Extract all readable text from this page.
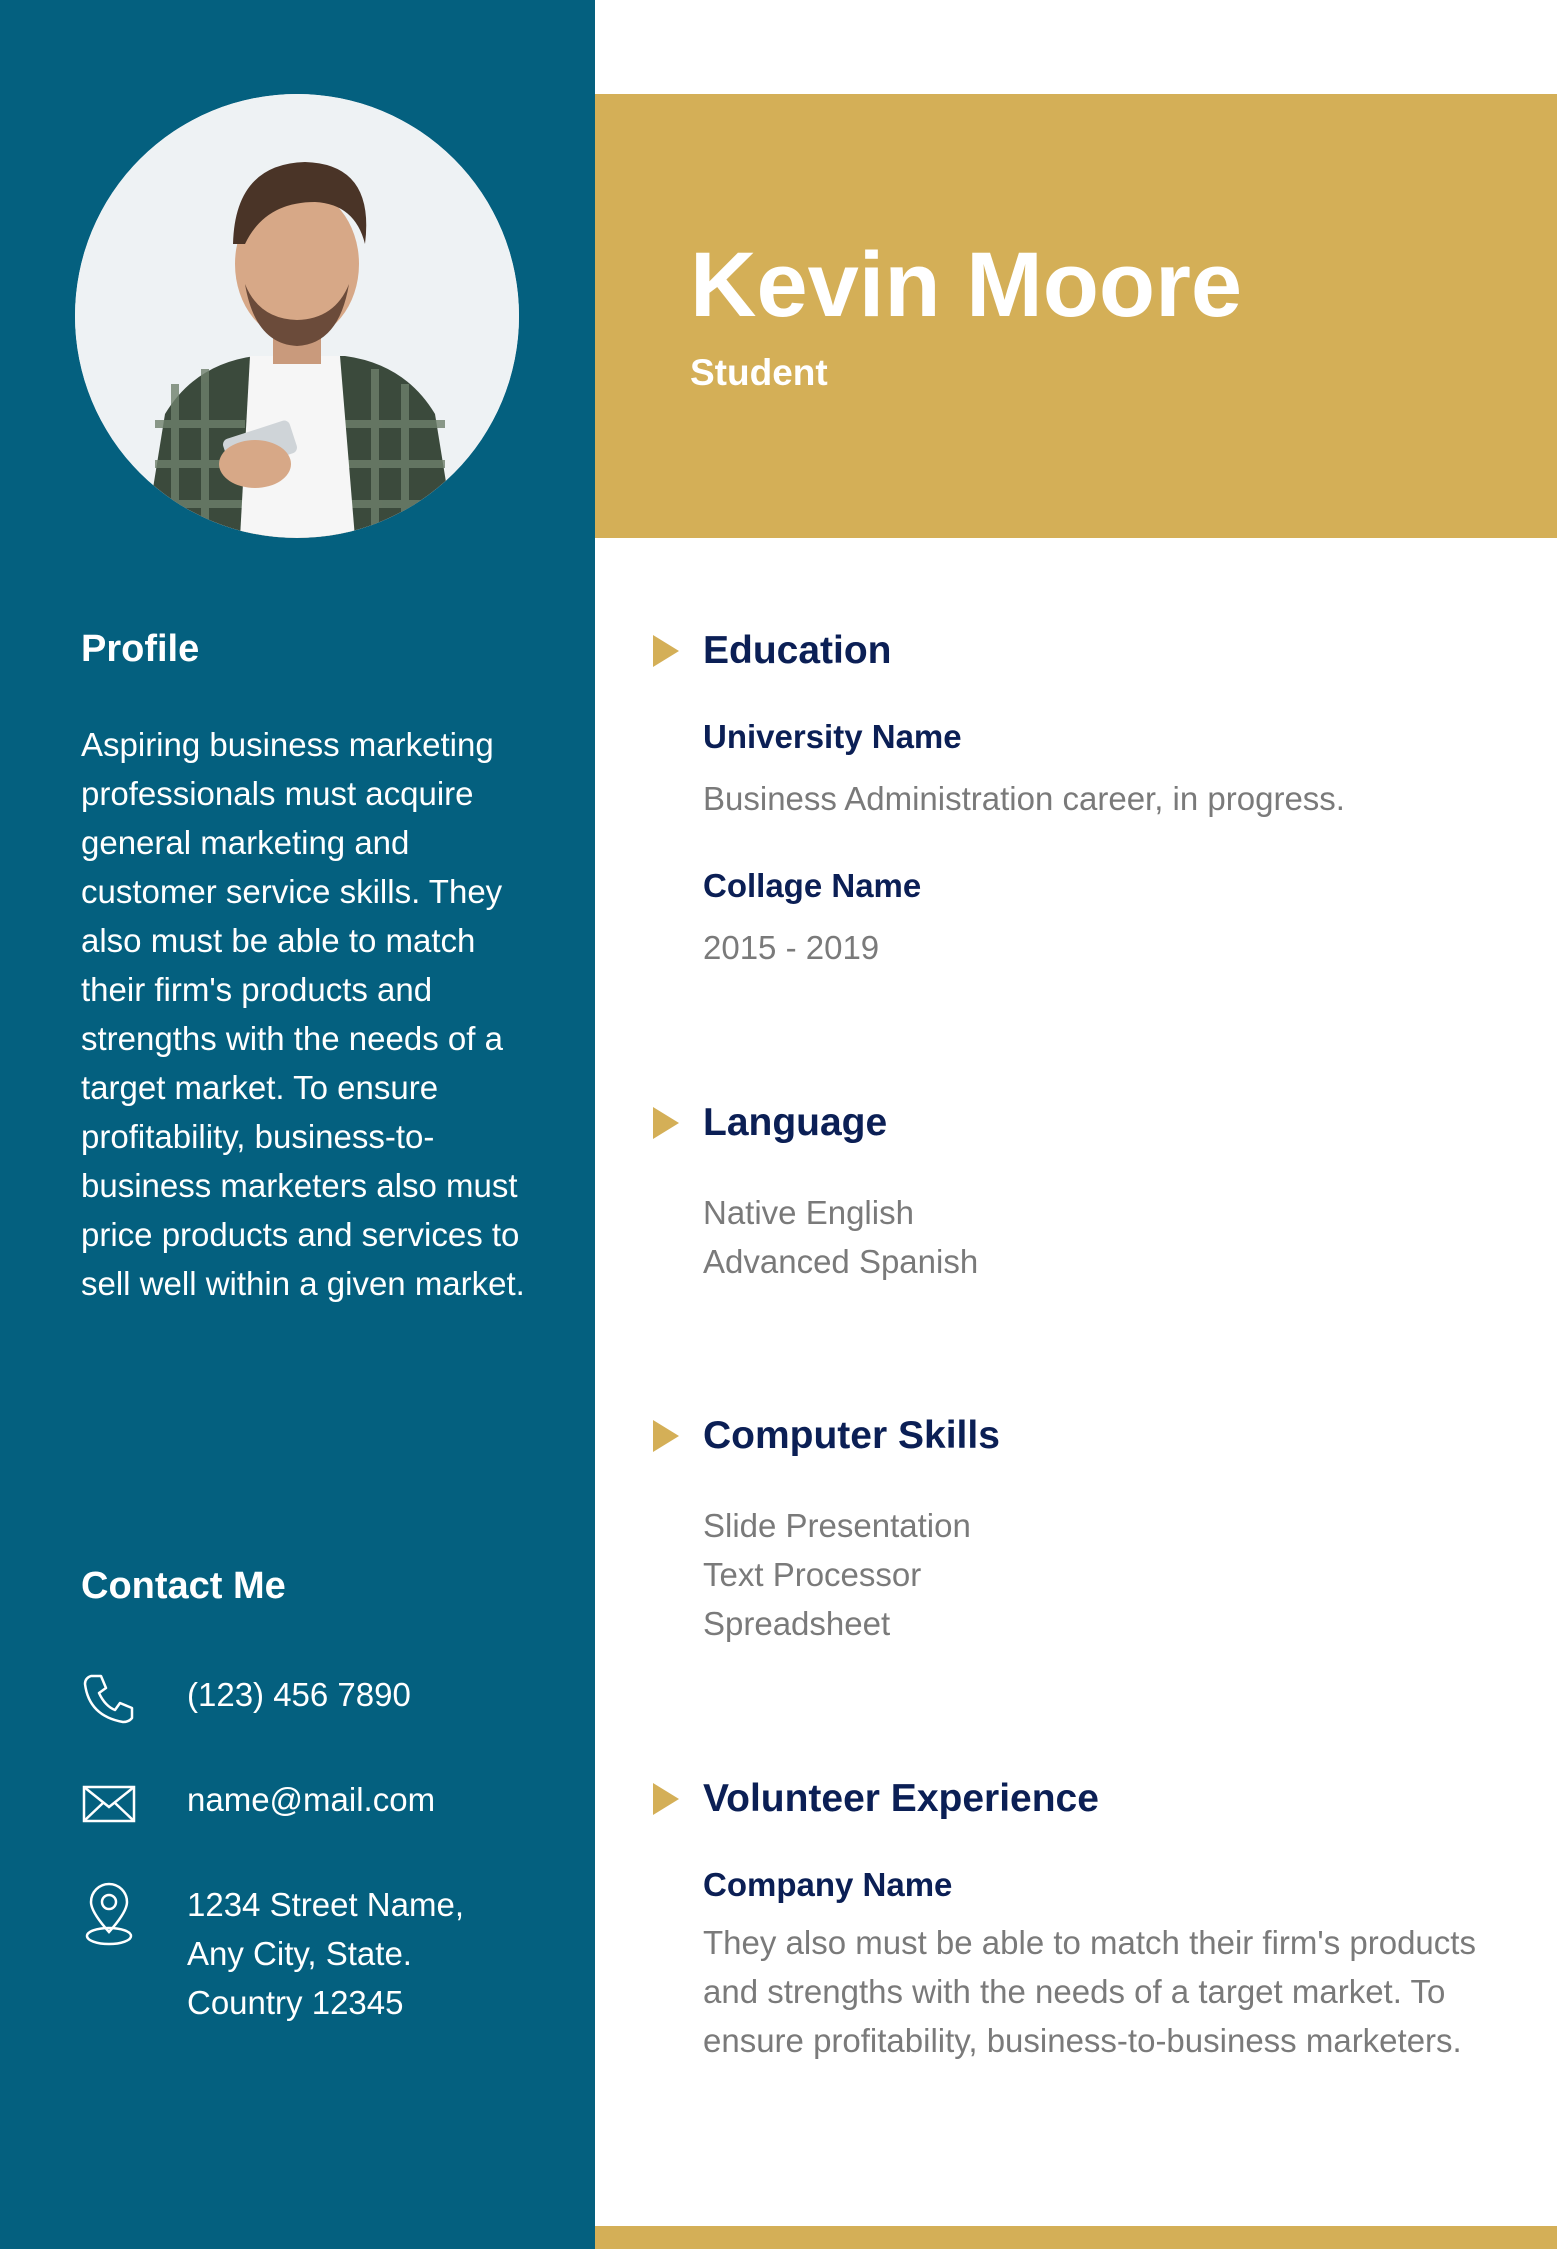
Profile

Aspiring business marketing professionals must acquire general marketing and customer service skills. They also must be able to match their firm's products and strengths with the needs of a target market. To ensure profitability, business-to-business marketers also must price products and services to sell well within a given market.

Contact Me
(123) 456 7890
name@mail.com
1234 Street Name,
Any City, State.
Country 12345
Kevin Moore
Student
Education

University Name

Business Administration career, in progress.

Collage Name

2015 - 2019

Language

Native English
Advanced Spanish

Computer Skills

Slide Presentation
Text Processor
Spreadsheet

Volunteer Experience

Company Name

They also must be able to match their firm's products and strengths with the needs of a target market. To ensure profitability, business-to-business marketers.
